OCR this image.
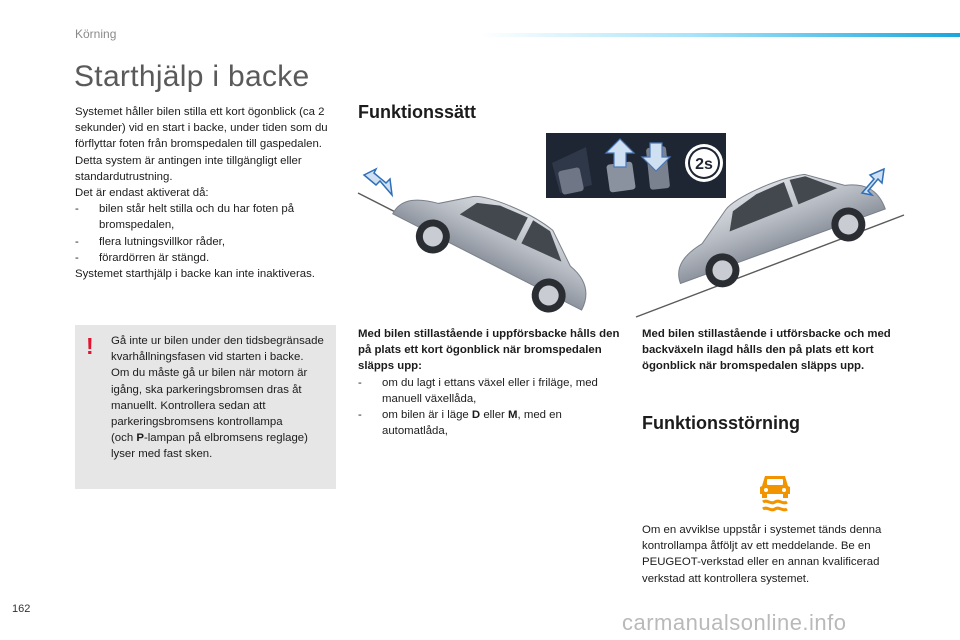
Körning
Starthjälp i backe

Systemet håller bilen stilla ett kort ögonblick (ca 2 sekunder) vid en start i backe, under tiden som du förflyttar foten från bromspedalen till gaspedalen.

Detta system är antingen inte tillgängligt eller standardutrustning.

Det är endast aktiverat då:

- bilen står helt stilla och du har foten på bromspedalen,
- flera lutningsvillkor råder,
- förardörren är stängd.

Systemet starthjälp i backe kan inte inaktiveras.

! Gå inte ur bilen under den tidsbegränsade kvarhållningsfasen vid starten i backe.

Om du måste gå ur bilen när motorn är igång, ska parkeringsbromsen dras åt manuellt. Kontrollera sedan att parkeringsbromsens kontrollampa

(och P-lampan på elbromsens reglage) lyser med fast sken.

Funktionssätt
2s

Med bilen stillastående i uppförsbacke hålls den på plats ett kort ögonblick när bromspedalen släpps upp:

- om du lagt i ettans växel eller i friläge, med manuell växellåda,
- om bilen är i läge D eller M, med en automatlåda,
Med bilen stillastående i utförsbacke och med backväxeln ilagd hålls den på plats ett kort ögonblick när bromspedalen släpps upp.
Funktionsstörning
Om en avviklse uppstår i systemet tänds denna kontrollampa åtföljt av ett meddelande. Be en PEUGEOT-verkstad eller en annan kvalificerad verkstad att kontrollera systemet.
162
carmanualsonline.info
